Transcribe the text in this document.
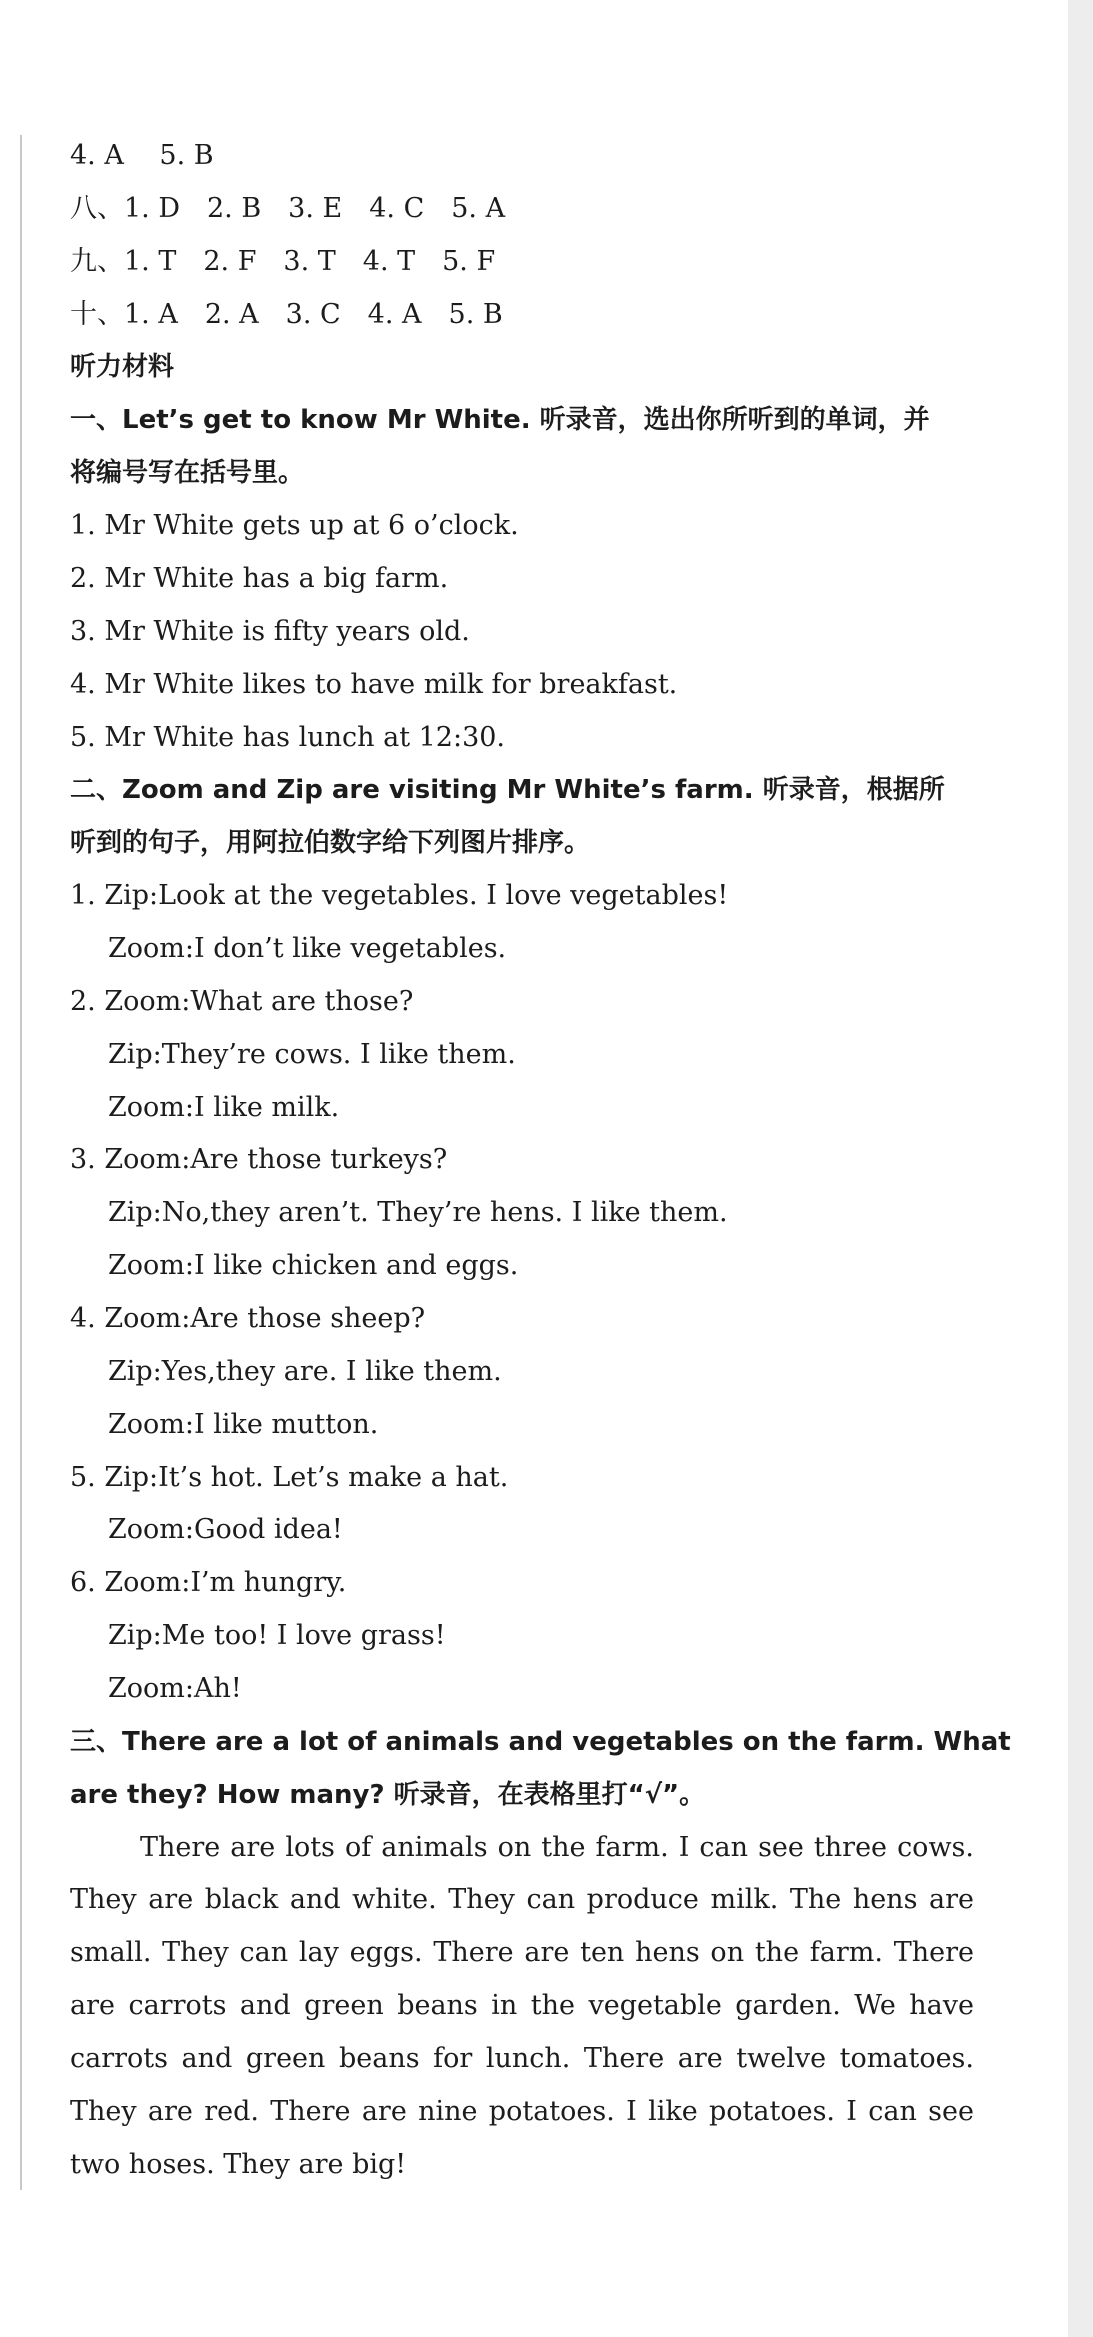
4. A　 5. B
八、1. D　2. B　3. E　4. C　5. A
九、1. T　2. F　3. T　4. T　5. F
十、1. A　2. A　3. C　4. A　5. B
听力材料
一、Let’s get to know Mr White. 听录音，选出你所听到的单词，并
将编号写在括号里。
1. Mr White gets up at 6 o’clock.
2. Mr White has a big farm.
3. Mr White is fifty years old.
4. Mr White likes to have milk for breakfast.
5. Mr White has lunch at 12:30.
二、Zoom and Zip are visiting Mr White’s farm. 听录音，根据所
听到的句子，用阿拉伯数字给下列图片排序。
1. Zip:Look at the vegetables. I love vegetables!
Zoom:I don’t like vegetables.
2. Zoom:What are those?
Zip:They’re cows. I like them.
Zoom:I like milk.
3. Zoom:Are those turkeys?
Zip:No,they aren’t. They’re hens. I like them.
Zoom:I like chicken and eggs.
4. Zoom:Are those sheep?
Zip:Yes,they are. I like them.
Zoom:I like mutton.
5. Zip:It’s hot. Let’s make a hat.
Zoom:Good idea!
6. Zoom:I’m hungry.
Zip:Me too! I love grass!
Zoom:Ah!
三、There are a lot of animals and vegetables on the farm. What
are they? How many? 听录音，在表格里打“√”。
There are lots of animals on the farm. I can see three cows.
They are black and white. They can produce milk. The hens are
small. They can lay eggs. There are ten hens on the farm. There
are carrots and green beans in the vegetable garden. We have
carrots and green beans for lunch. There are twelve tomatoes.
They are red. There are nine potatoes. I like potatoes. I can see
two hoses. They are big!
